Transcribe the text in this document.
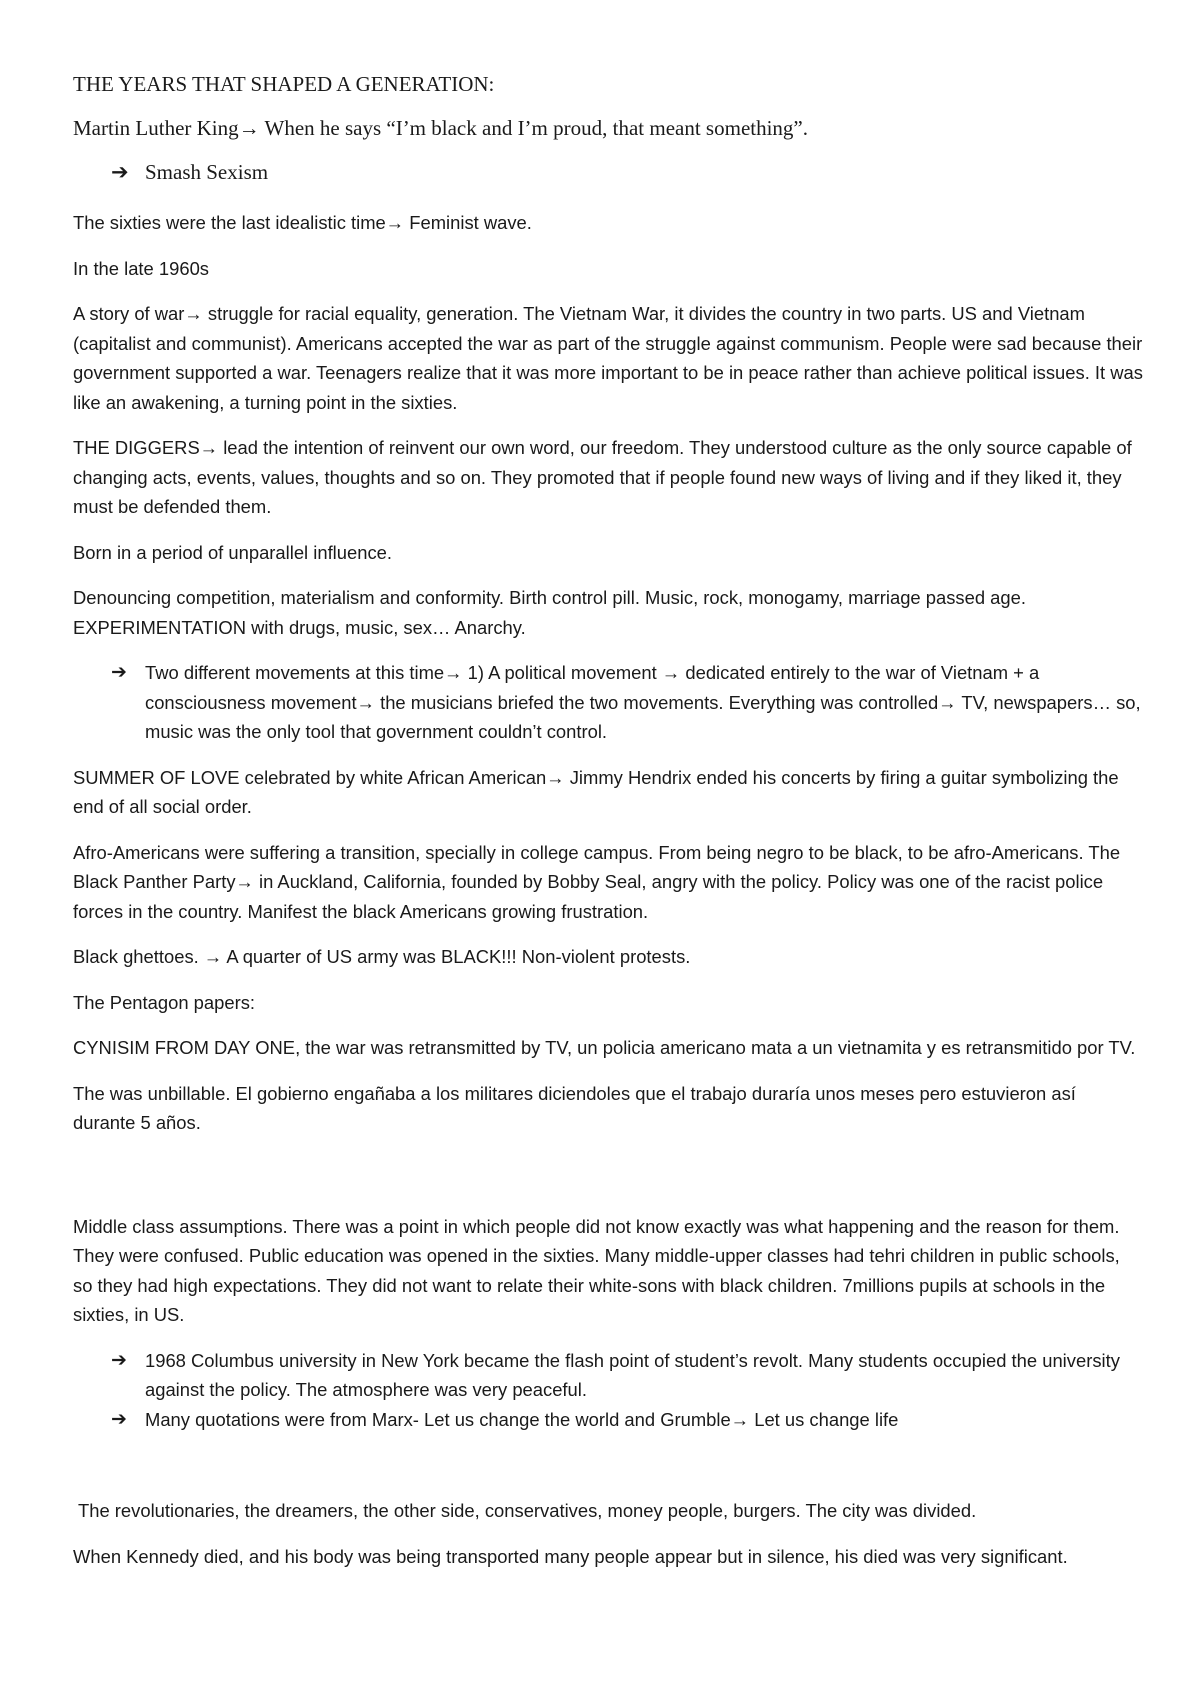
THE YEARS THAT SHAPED A GENERATION:

Martin Luther King→ When he says “I’m black and I’m proud, that meant something”.

➔ Smash Sexism

The sixties were the last idealistic time→ Feminist wave.

In the late 1960s

A story of war→ struggle for racial equality, generation. The Vietnam War, it divides the country in two parts. US and Vietnam (capitalist and communist). Americans accepted the war as part of the struggle against communism. People were sad because their government supported a war. Teenagers realize that it was more important to be in peace rather than achieve political issues. It was like an awakening, a turning point in the sixties.

THE DIGGERS→ lead the intention of reinvent our own word, our freedom. They understood culture as the only source capable of changing acts, events, values, thoughts and so on. They promoted that if people found new ways of living and if they liked it, they must be defended them.

Born in a period of unparallel influence.

Denouncing competition, materialism and conformity. Birth control pill. Music, rock, monogamy, marriage passed age. EXPERIMENTATION with drugs, music, sex… Anarchy.

➔ Two different movements at this time→ 1) A political movement → dedicated entirely to the war of Vietnam + a consciousness movement→ the musicians briefed the two movements. Everything was controlled→ TV, newspapers… so, music was the only tool that government couldn’t control.

SUMMER OF LOVE celebrated by white African American→ Jimmy Hendrix ended his concerts by firing a guitar symbolizing the end of all social order.

Afro-Americans were suffering a transition, specially in college campus. From being negro to be black, to be afro-Americans. The Black Panther Party→ in Auckland, California, founded by Bobby Seal, angry with the policy. Policy was one of the racist police forces in the country. Manifest the black Americans growing frustration.

Black ghettoes. → A quarter of US army was BLACK!!! Non-violent protests.

The Pentagon papers:

CYNISIM FROM DAY ONE, the war was retransmitted by TV, un policia americano mata a un vietnamita y es retransmitido por TV.

The was unbillable. El gobierno engañaba a los militares diciendoles que el trabajo duraría unos meses pero estuvieron así durante 5 años.

Middle class assumptions. There was a point in which people did not know exactly was what happening and the reason for them. They were confused. Public education was opened in the sixties. Many middle-upper classes had tehri children in public schools, so they had high expectations. They did not want to relate their white-sons with black children. 7millions pupils at schools in the sixties, in US.

➔ 1968 Columbus university in New York became the flash point of student’s revolt. Many students occupied the university against the policy. The atmosphere was very peaceful.
➔ Many quotations were from Marx- Let us change the world and Grumble→ Let us change life

The revolutionaries, the dreamers, the other side, conservatives, money people, burgers. The city was divided.

When Kennedy died, and his body was being transported many people appear but in silence, his died was very significant.
